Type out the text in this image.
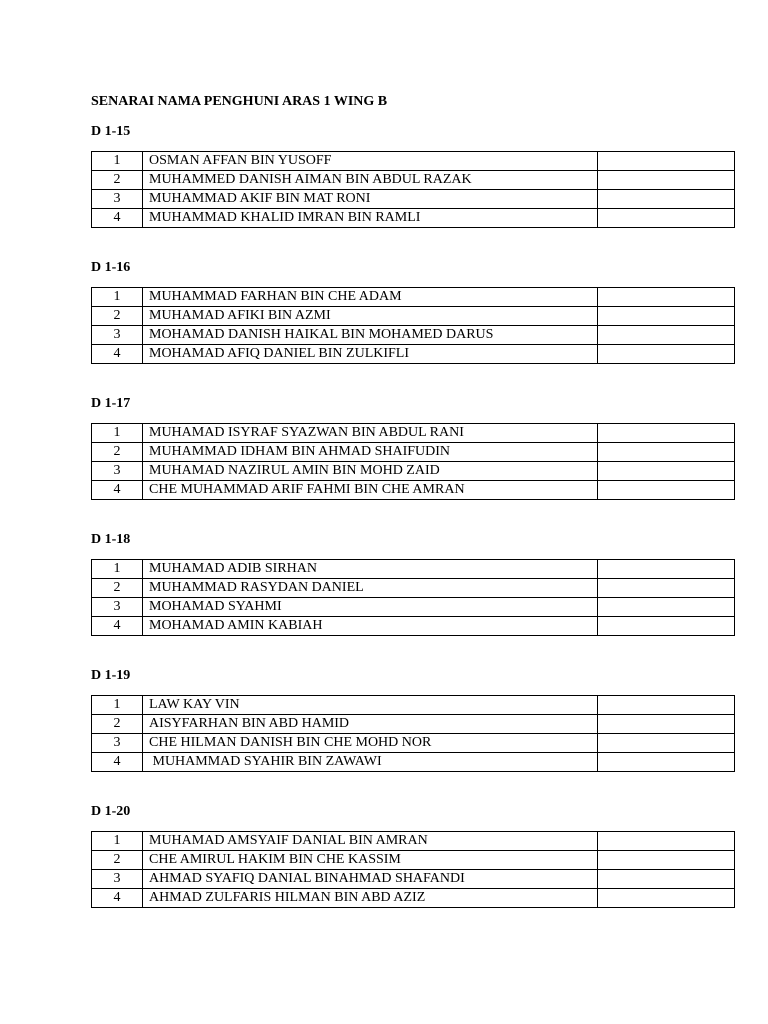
SENARAI NAMA PENGHUNI ARAS 1 WING B
D 1-15
1	OSMAN AFFAN BIN YUSOFF	
2	MUHAMMED DANISH AIMAN BIN ABDUL RAZAK	
3	MUHAMMAD AKIF BIN MAT RONI	
4	MUHAMMAD KHALID IMRAN BIN RAMLI	
D 1-16
1	MUHAMMAD FARHAN BIN CHE ADAM	
2	MUHAMAD AFIKI BIN AZMI	
3	MOHAMAD DANISH HAIKAL BIN MOHAMED DARUS	
4	MOHAMAD AFIQ DANIEL BIN ZULKIFLI	
D 1-17
1	MUHAMAD ISYRAF SYAZWAN BIN ABDUL RANI	
2	MUHAMMAD IDHAM BIN AHMAD SHAIFUDIN	
3	MUHAMAD NAZIRUL AMIN BIN MOHD ZAID	
4	CHE MUHAMMAD ARIF FAHMI BIN CHE AMRAN	
D 1-18
1	MUHAMAD ADIB SIRHAN	
2	MUHAMMAD RASYDAN DANIEL	
3	MOHAMAD SYAHMI	
4	MOHAMAD AMIN KABIAH	
D 1-19
1	LAW KAY VIN	
2	AISYFARHAN BIN ABD HAMID	
3	CHE HILMAN DANISH BIN CHE MOHD NOR	
4	MUHAMMAD SYAHIR BIN ZAWAWI	
D 1-20
1	MUHAMAD AMSYAIF DANIAL BIN AMRAN	
2	CHE AMIRUL HAKIM BIN CHE KASSIM	
3	AHMAD SYAFIQ DANIAL BINAHMAD SHAFANDI	
4	AHMAD ZULFARIS HILMAN BIN ABD AZIZ	
